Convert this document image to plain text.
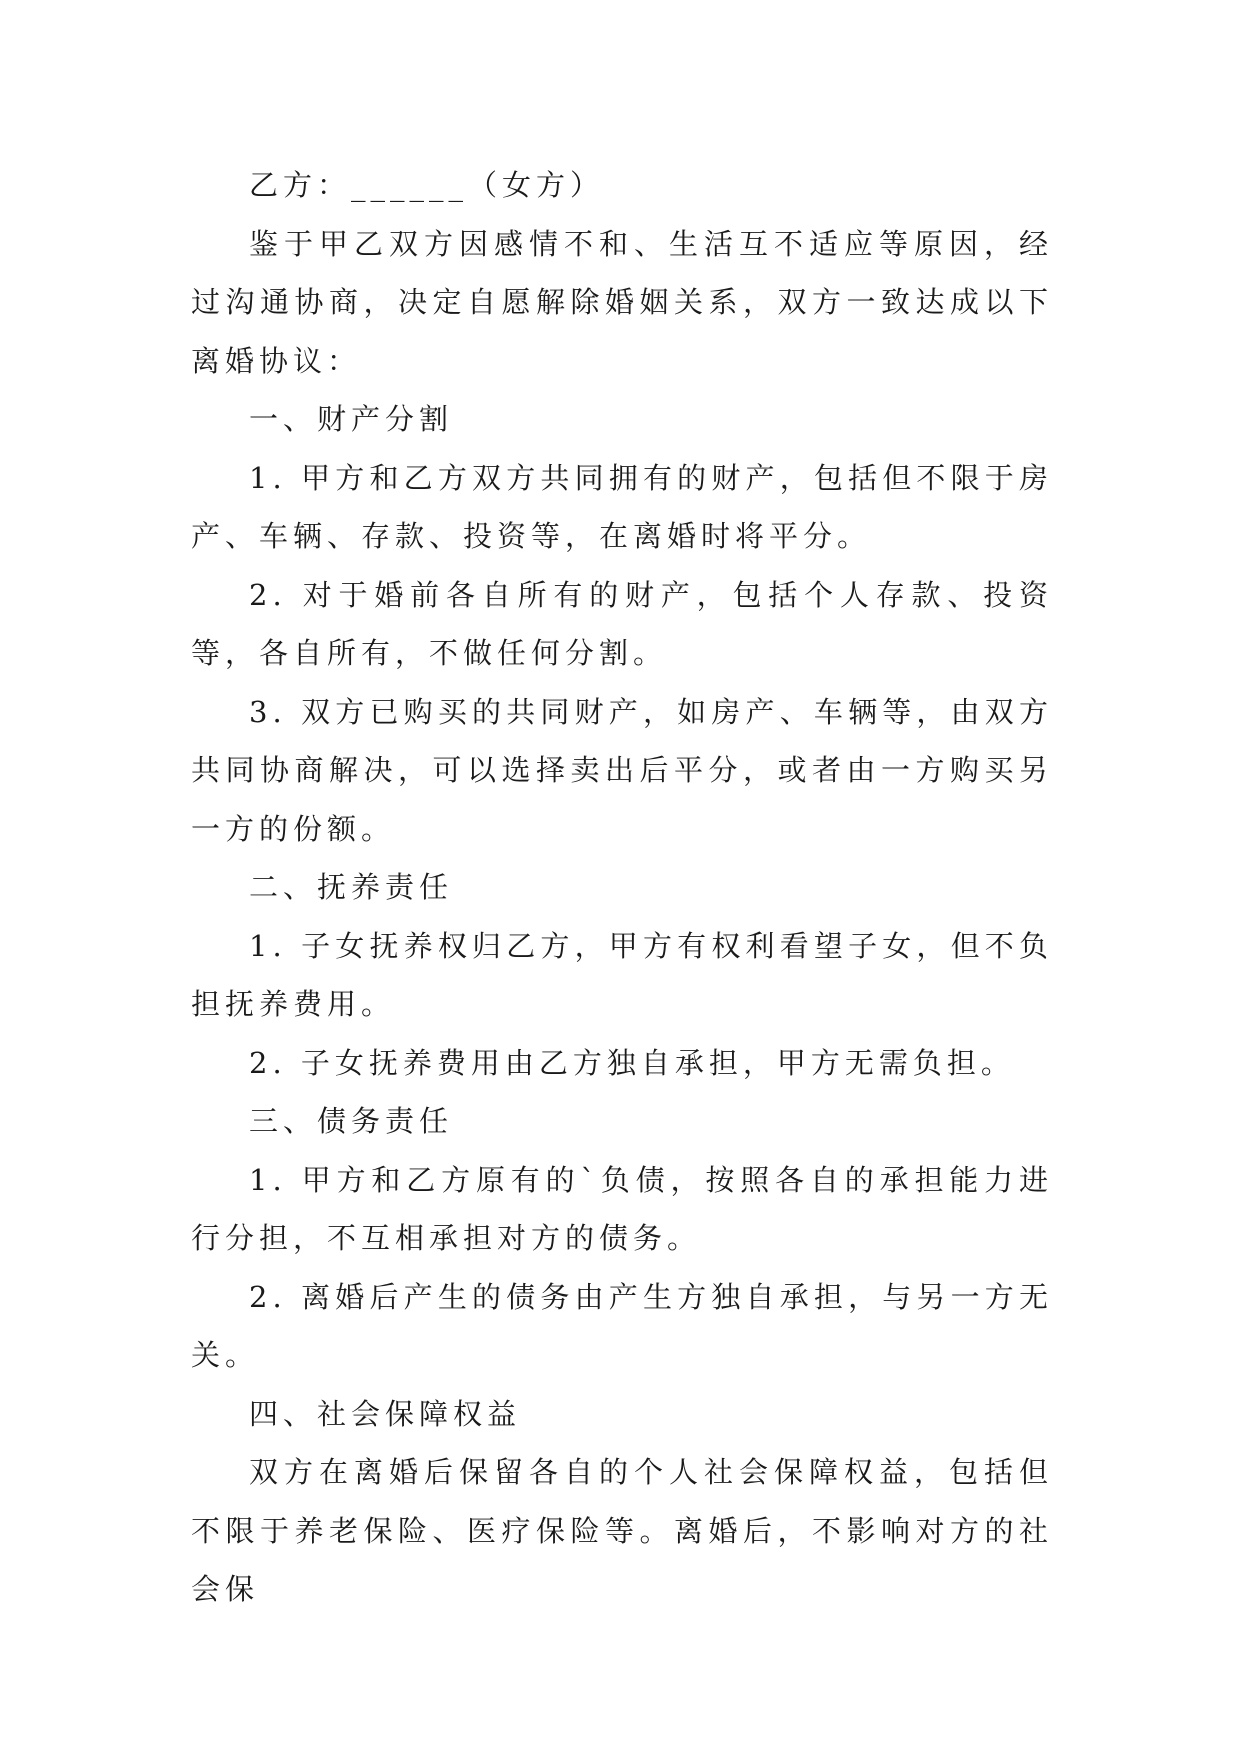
乙方：______（女方）

鉴于甲乙双方因感情不和、生活互不适应等原因，经过沟通协商，决定自愿解除婚姻关系，双方一致达成以下离婚协议：

一、财产分割

1. 甲方和乙方双方共同拥有的财产，包括但不限于房产、车辆、存款、投资等，在离婚时将平分。

2. 对于婚前各自所有的财产，包括个人存款、投资等，各自所有，不做任何分割。

3. 双方已购买的共同财产，如房产、车辆等，由双方共同协商解决，可以选择卖出后平分，或者由一方购买另一方的份额。

二、抚养责任

1. 子女抚养权归乙方，甲方有权利看望子女，但不负担抚养费用。

2. 子女抚养费用由乙方独自承担，甲方无需负担。

三、债务责任

1. 甲方和乙方原有的`负债，按照各自的承担能力进行分担，不互相承担对方的债务。

2. 离婚后产生的债务由产生方独自承担，与另一方无关。

四、社会保障权益

双方在离婚后保留各自的个人社会保障权益，包括但不限于养老保险、医疗保险等。离婚后，不影响对方的社会保
